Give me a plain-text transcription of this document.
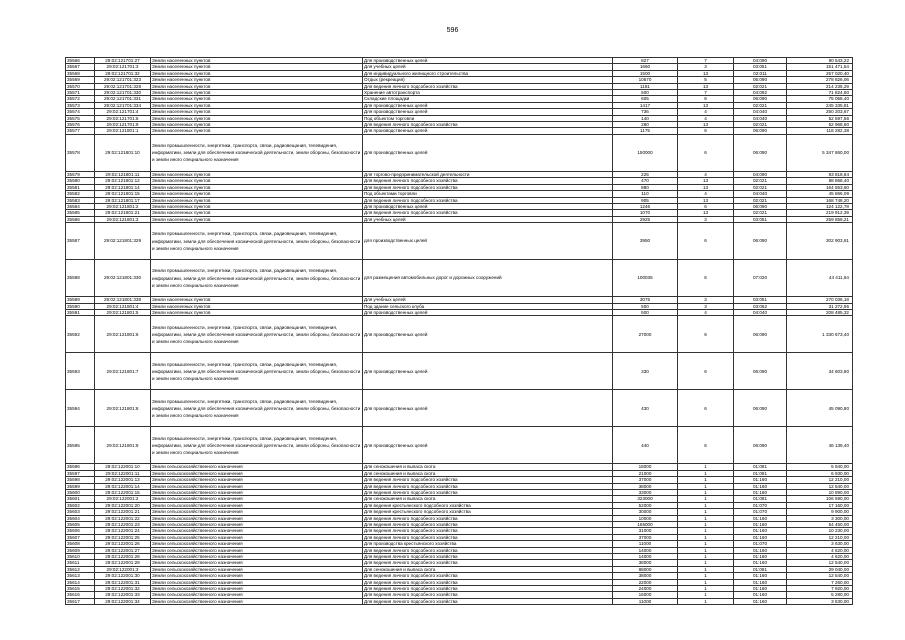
596
35566	29:02:121701:27	Земли населенных пунктов	Для производственных целей	827	7	04:090	90 543,22
35567	29:02:121701:3	Земли населенных пунктов	Для учебных целей	1660	3	03:051	151 471,54
35568	29:02:121701:32	Земли населенных пунктов	Для индивидуального жилищного строительства	1500	13	02:011	257 020,40
35569	29:02:121701:323	Земли населенных пунктов	Отдых (рекреация)	10570	5	05:090	278 826,06
35570	29:02:121701:328	Земли населенных пунктов	Для ведения личного подсобного хозяйства	1181	13	02:021	214 235,29
35571	29:02:121701:330	Земли населенных пунктов	Хранение автотранспорта	500	7	04:092	71 824,60
35572	29:02:121701:331	Земли населенных пунктов	Складские площадки	605	6	06:090	75 058,40
35573	29:02:121701:334	Земли населенных пунктов	Для производственных целей	1417	13	02:021	245 335,81
35574	29:02:121701:4	Земли населенных пунктов	Для производственных целей	736	4	04:040	250 203,67
35575	29:02:121701:6	Земли населенных пунктов	Под объектом торговли	140	4	04:040	52 597,56
35576	29:02:121701:9	Земли населенных пунктов	Для ведения личного подсобного хозяйства	280	13	02:021	52 968,80
35577	29:02:121801:1	Земли населенных пунктов	Для производственных целей	1175	6	06:090	118 282,38
35578	29:02:121801:10	Земли промышленности, энергетики, транспорта, связи, радиовещания, телевидения, информатики, земли для обеспечения космической деятельности, земли обороны, безопасности и земли иного специального назначения	Для производственных целей	150000	6	06:090	5 347 860,00
35579	29:02:121801:11	Земли населенных пунктов	Для торгово-предпринимательской деятельности	225	4	04:090	93 818,84
35580	29:02:121801:12	Земли населенных пунктов	Для ведения личного подсобного хозяйства	470	13	02:021	88 868,40
35581	29:02:121801:14	Земли населенных пунктов	Для ведения личного подсобного хозяйства	880	13	02:021	164 553,60
35582	29:02:121801:15	Земли населенных пунктов	Под объектами торговли	110	4	04:040	45 866,09
35583	29:02:121801:17	Земли населенных пунктов	Для ведения личного подсобного хозяйства	905	13	02:021	168 748,20
35584	29:02:121801:2	Земли населенных пунктов	Для производственных целей	1246	6	06:090	124 122,78
35585	29:02:121801:21	Земли населенных пунктов	Для ведения личного подсобного хозяйства	1070	13	02:021	219 912,39
35586	29:02:121801:3	Земли населенных пунктов	Для учебных целей	2925	3	03:051	259 856,21
35587	29:02:121801:329	Земли промышленности, энергетики, транспорта, связи, радиовещания, телевидения, информатики, земли для обеспечения космической деятельности, земли обороны, безопасности и земли иного специального назначения	для производственных целей	3950	6	06:090	302 903,61
35588	29:02:121801:330	Земли промышленности, энергетики, транспорта, связи, радиовещания, телевидения, информатики, земли для обеспечения космической деятельности, земли обороны, безопасности и земли иного специального назначения	для размещения автомобильных дорог и дорожных сооружений	100035	6	07:020	44 411,64
35589	29:02:121801:338	Земли населенных пунктов	Для учебных целей	3075	3	03:051	270 036,18
35590	29:02:121801:4	Земли населенных пунктов	Под здание сельского клуба	500	3	03:062	31 272,95
35591	29:02:121801:5	Земли населенных пунктов	Для производственных целей	500	4	04:040	208 485,32
35592	29:02:121801:6	Земли промышленности, энергетики, транспорта, связи, радиовещания, телевидения, информатики, земли для обеспечения космической деятельности, земли обороны, безопасности и земли иного специального назначения	Для производственных целей	27000	6	06:090	1 330 673,40
35593	29:02:121801:7	Земли промышленности, энергетики, транспорта, связи, радиовещания, телевидения, информатики, земли для обеспечения космической деятельности, земли обороны, безопасности и земли иного специального назначения	Для производственных целей	330	6	06:090	34 603,80
35594	29:02:121801:8	Земли промышленности, энергетики, транспорта, связи, радиовещания, телевидения, информатики, земли для обеспечения космической деятельности, земли обороны, безопасности и земли иного специального назначения	Для производственных целей	430	6	06:090	45 090,80
35595	29:02:121801:9	Земли промышленности, энергетики, транспорта, связи, радиовещания, телевидения, информатики, земли для обеспечения космической деятельности, земли обороны, безопасности и земли иного специального назначения	Для производственных целей	440	6	06:090	46 139,40
35596	29:02:122001:10	Земли сельскохозяйственного назначения	Для сенокошения и выпаса скота	18000	1	01:081	5 940,00
35597	29:02:122001:11	Земли сельскохозяйственного назначения	Для сенокошения и выпаса скота	21000	1	01:081	6 930,00
35598	29:02:122001:13	Земли сельскохозяйственного назначения	Для ведения личного подсобного хозяйства	37000	1	01:160	12 210,00
35599	29:02:122001:14	Земли сельскохозяйственного назначения	Для ведения личного подсобного хозяйства	38000	1	01:160	12 540,00
35600	29:02:122001:15	Земли сельскохозяйственного назначения	Для ведения личного подсобного хозяйства	33000	1	01:160	10 890,00
35601	29:02:122001:2	Земли сельскохозяйственного назначения	Для сенокошения и выпаса скота	323000	1	01:081	106 590,00
35602	29:02:122001:20	Земли сельскохозяйственного назначения	Для ведения крестьянского подсобного хозяйства	52000	1	01:070	17 160,00
35603	29:02:122001:21	Земли сельскохозяйственного назначения	Для ведения крестьянского подсобного хозяйства	30000	1	01:070	9 900,00
35604	29:02:122001:22	Земли сельскохозяйственного назначения	Для ведения личного подсобного хозяйства	10000	1	01:160	3 300,00
35605	29:02:122001:23	Земли сельскохозяйственного назначения	Для ведения личного подсобного хозяйства	165000	1	01:160	54 450,00
35606	29:02:122001:24	Земли сельскохозяйственного назначения	Для ведения личного подсобного хозяйства	31000	1	01:160	10 230,00
35607	29:02:122001:25	Земли сельскохозяйственного назначения	Для ведения личного подсобного хозяйства	37000	1	01:160	12 210,00
35608	29:02:122001:26	Земли сельскохозяйственного назначения	Для производства крестьянского хозяйства	11000	1	01:070	3 630,00
35609	29:02:122001:27	Земли сельскохозяйственного назначения	Для ведения личного подсобного хозяйства	14000	1	01:160	4 620,00
35610	29:02:122001:28	Земли сельскохозяйственного назначения	Для ведения личного подсобного хозяйства	14000	1	01:160	4 620,00
35611	29:02:122001:29	Земли сельскохозяйственного назначения	Для ведения личного подсобного хозяйства	38000	1	01:160	12 540,00
35612	29:02:122001:3	Земли сельскохозяйственного назначения	Для сенокошения и выпаса скота	88000	1	01:081	29 040,00
35613	29:02:122001:30	Земли сельскохозяйственного назначения	Для ведения личного подсобного хозяйства	38000	1	01:160	12 540,00
35614	29:02:122001:31	Земли сельскохозяйственного назначения	Для ведения личного подсобного хозяйства	22000	1	01:160	7 260,00
35615	29:02:122001:32	Земли сельскохозяйственного назначения	Для ведения личного подсобного хозяйства	24000	1	01:160	7 920,00
35616	29:02:122001:33	Земли сельскохозяйственного назначения	Для ведения личного подсобного хозяйства	16000	1	01:160	5 280,00
35617	29:02:122001:34	Земли сельскохозяйственного назначения	Для ведения личного подсобного хозяйства	11000	1	01:160	3 630,00
